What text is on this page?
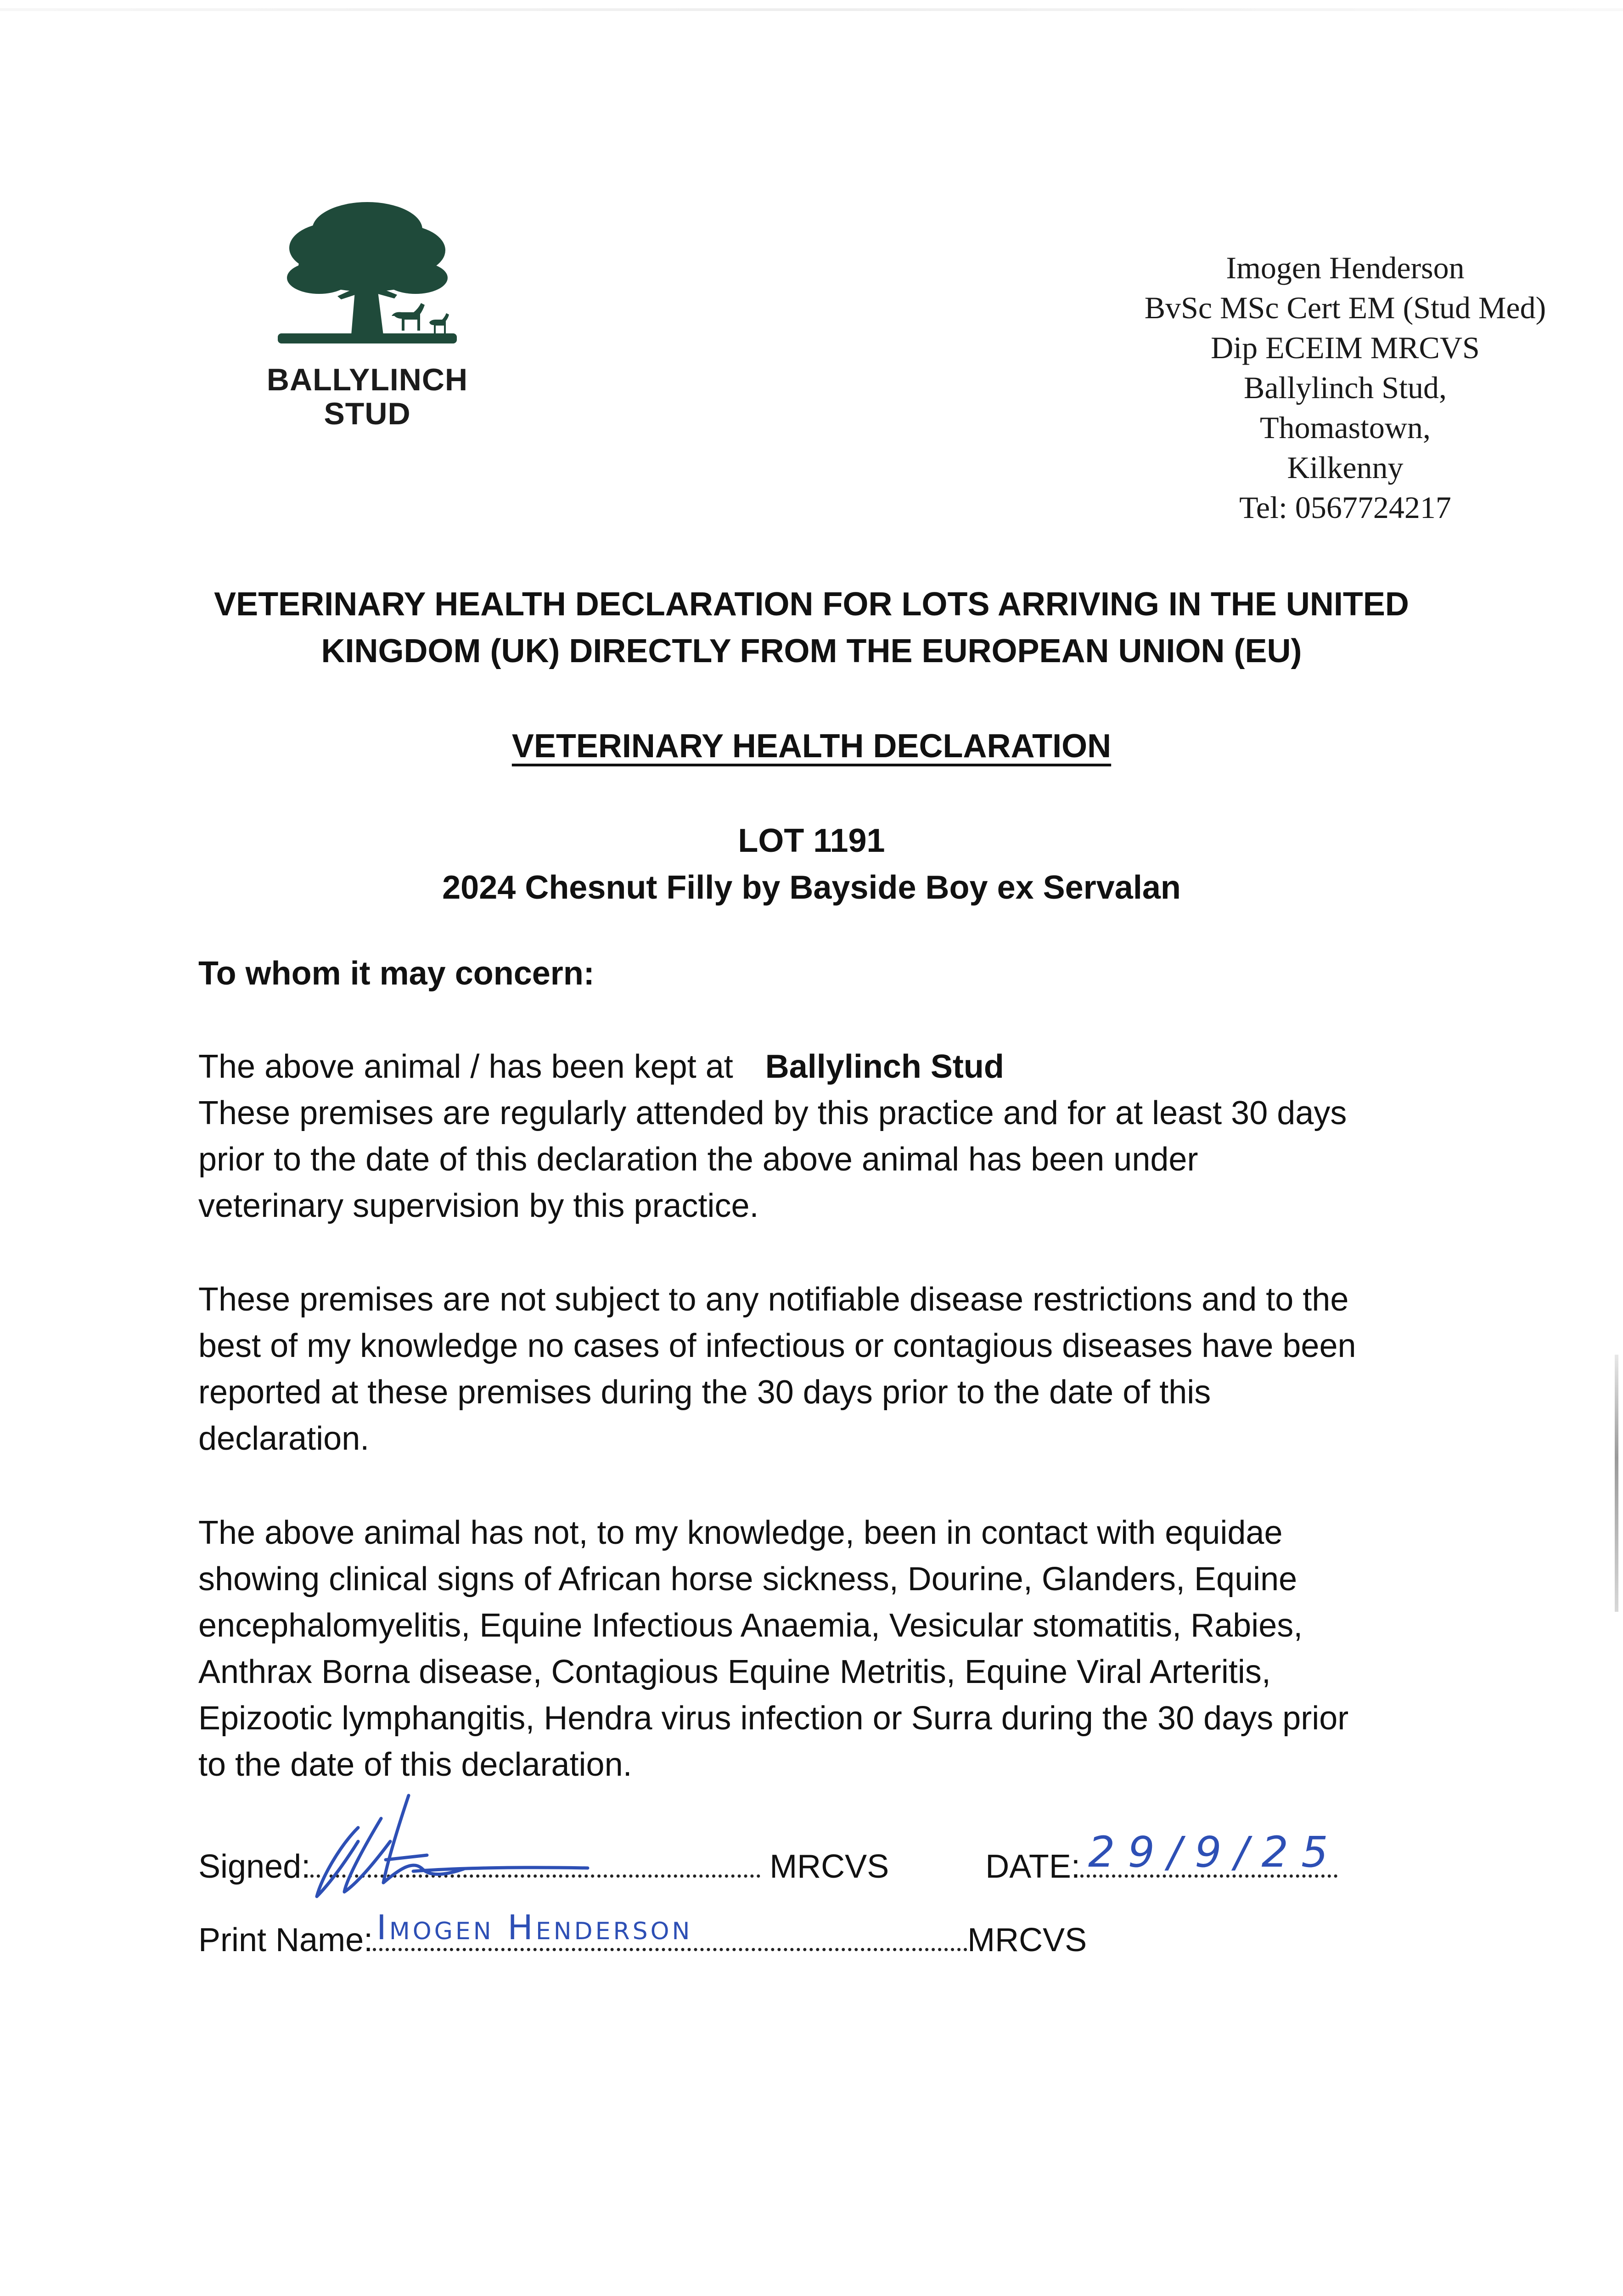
BALLYLINCH
STUD
Imogen Henderson
BvSc MSc Cert EM (Stud Med)
Dip ECEIM MRCVS
Ballylinch Stud,
Thomastown,
Kilkenny
Tel: 0567724217
VETERINARY HEALTH DECLARATION FOR LOTS ARRIVING IN THE UNITED
KINGDOM (UK) DIRECTLY FROM THE EUROPEAN UNION (EU)
VETERINARY HEALTH DECLARATION
LOT 1191
2024 Chesnut Filly by Bayside Boy ex Servalan
To whom it may concern:
The above animal / has been kept at Ballylinch Stud
These premises are regularly attended by this practice and for at least 30 days
prior to the date of this declaration the above animal has been under
veterinary supervision by this practice.
These premises are not subject to any notifiable disease restrictions and to the
best of my knowledge no cases of infectious or contagious diseases have been
reported at these premises during the 30 days prior to the date of this
declaration.
The above animal has not, to my knowledge, been in contact with equidae
showing clinical signs of African horse sickness, Dourine, Glanders, Equine
encephalomyelitis, Equine Infectious Anaemia, Vesicular stomatitis, Rabies,
Anthrax Borna disease, Contagious Equine Metritis, Equine Viral Arteritis,
Epizootic lymphangitis, Hendra virus infection or Surra during the 30 days prior
to the date of this declaration.
Signed:	MRCVS	DATE: 29/9/25
Print Name:	MRCVS
Imogen Henderson
